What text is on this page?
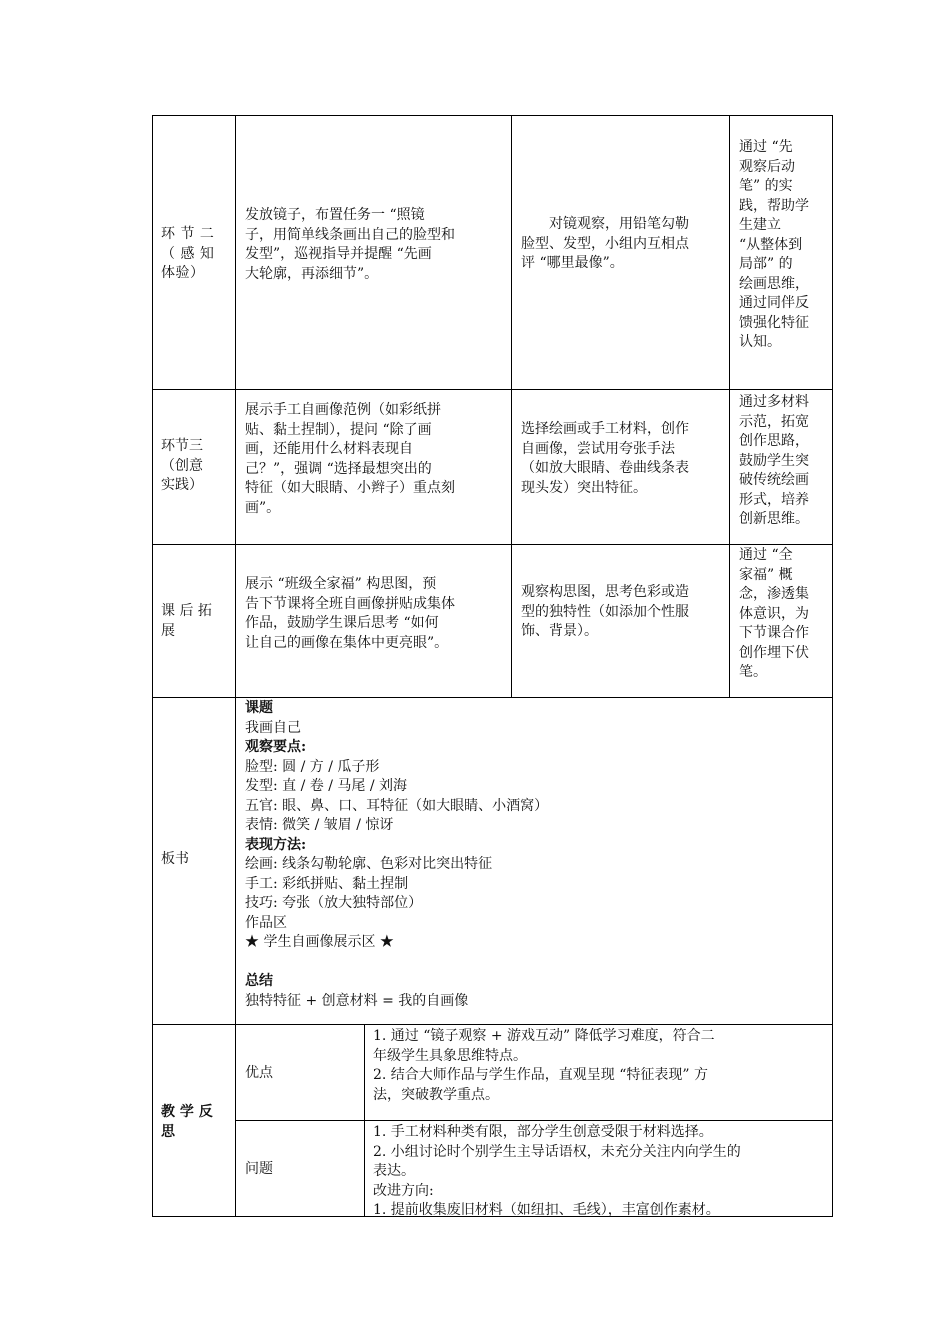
环 节 二
（ 感 知
体验）
发放镜子，布置任务一 “照镜
子，用简单线条画出自己的脸型和
发型”，巡视指导并提醒 “先画
大轮廓，再添细节”。
　　对镜观察，用铅笔勾勒
脸型、发型，小组内互相点
评 “哪里最像”。
通过 “先
观察后动
笔” 的实
践，帮助学
生建立
“从整体到
局部” 的
绘画思维，
通过同伴反
馈强化特征
认知。
环节三
（创意
实践）
展示手工自画像范例（如彩纸拼
贴、黏土捏制），提问 “除了画
画，还能用什么材料表现自
己？”，强调 “选择最想突出的
特征（如大眼睛、小辫子）重点刻
画”。
选择绘画或手工材料，创作
自画像，尝试用夸张手法
（如放大眼睛、卷曲线条表
现头发）突出特征。
通过多材料
示范，拓宽
创作思路，
鼓励学生突
破传统绘画
形式，培养
创新思维。
课 后 拓
展
展示 “班级全家福” 构思图，预
告下节课将全班自画像拼贴成集体
作品，鼓励学生课后思考 “如何
让自己的画像在集体中更亮眼”。
观察构思图，思考色彩或造
型的独特性（如添加个性服
饰、背景）。
通过 “全
家福” 概
念，渗透集
体意识，为
下节课合作
创作埋下伏
笔。
板书
课题
我画自己
观察要点:
脸型: 圆 / 方 / 瓜子形
发型: 直 / 卷 / 马尾 / 刘海
五官: 眼、鼻、口、耳特征（如大眼睛、小酒窝）
表情: 微笑 / 皱眉 / 惊讶
表现方法:
绘画: 线条勾勒轮廓、色彩对比突出特征
手工: 彩纸拼贴、黏土捏制
技巧: 夸张（放大独特部位）
作品区
★ 学生自画像展示区 ★

总结
独特特征 + 创意材料 = 我的自画像
教 学 反
思
优点
1. 通过 “镜子观察 + 游戏互动” 降低学习难度，符合二
年级学生具象思维特点。
2. 结合大师作品与学生作品，直观呈现 “特征表现” 方
法，突破教学重点。
问题
1. 手工材料种类有限，部分学生创意受限于材料选择。
2. 小组讨论时个别学生主导话语权，未充分关注内向学生的
表达。
改进方向:
1. 提前收集废旧材料（如纽扣、毛线），丰富创作素材。
